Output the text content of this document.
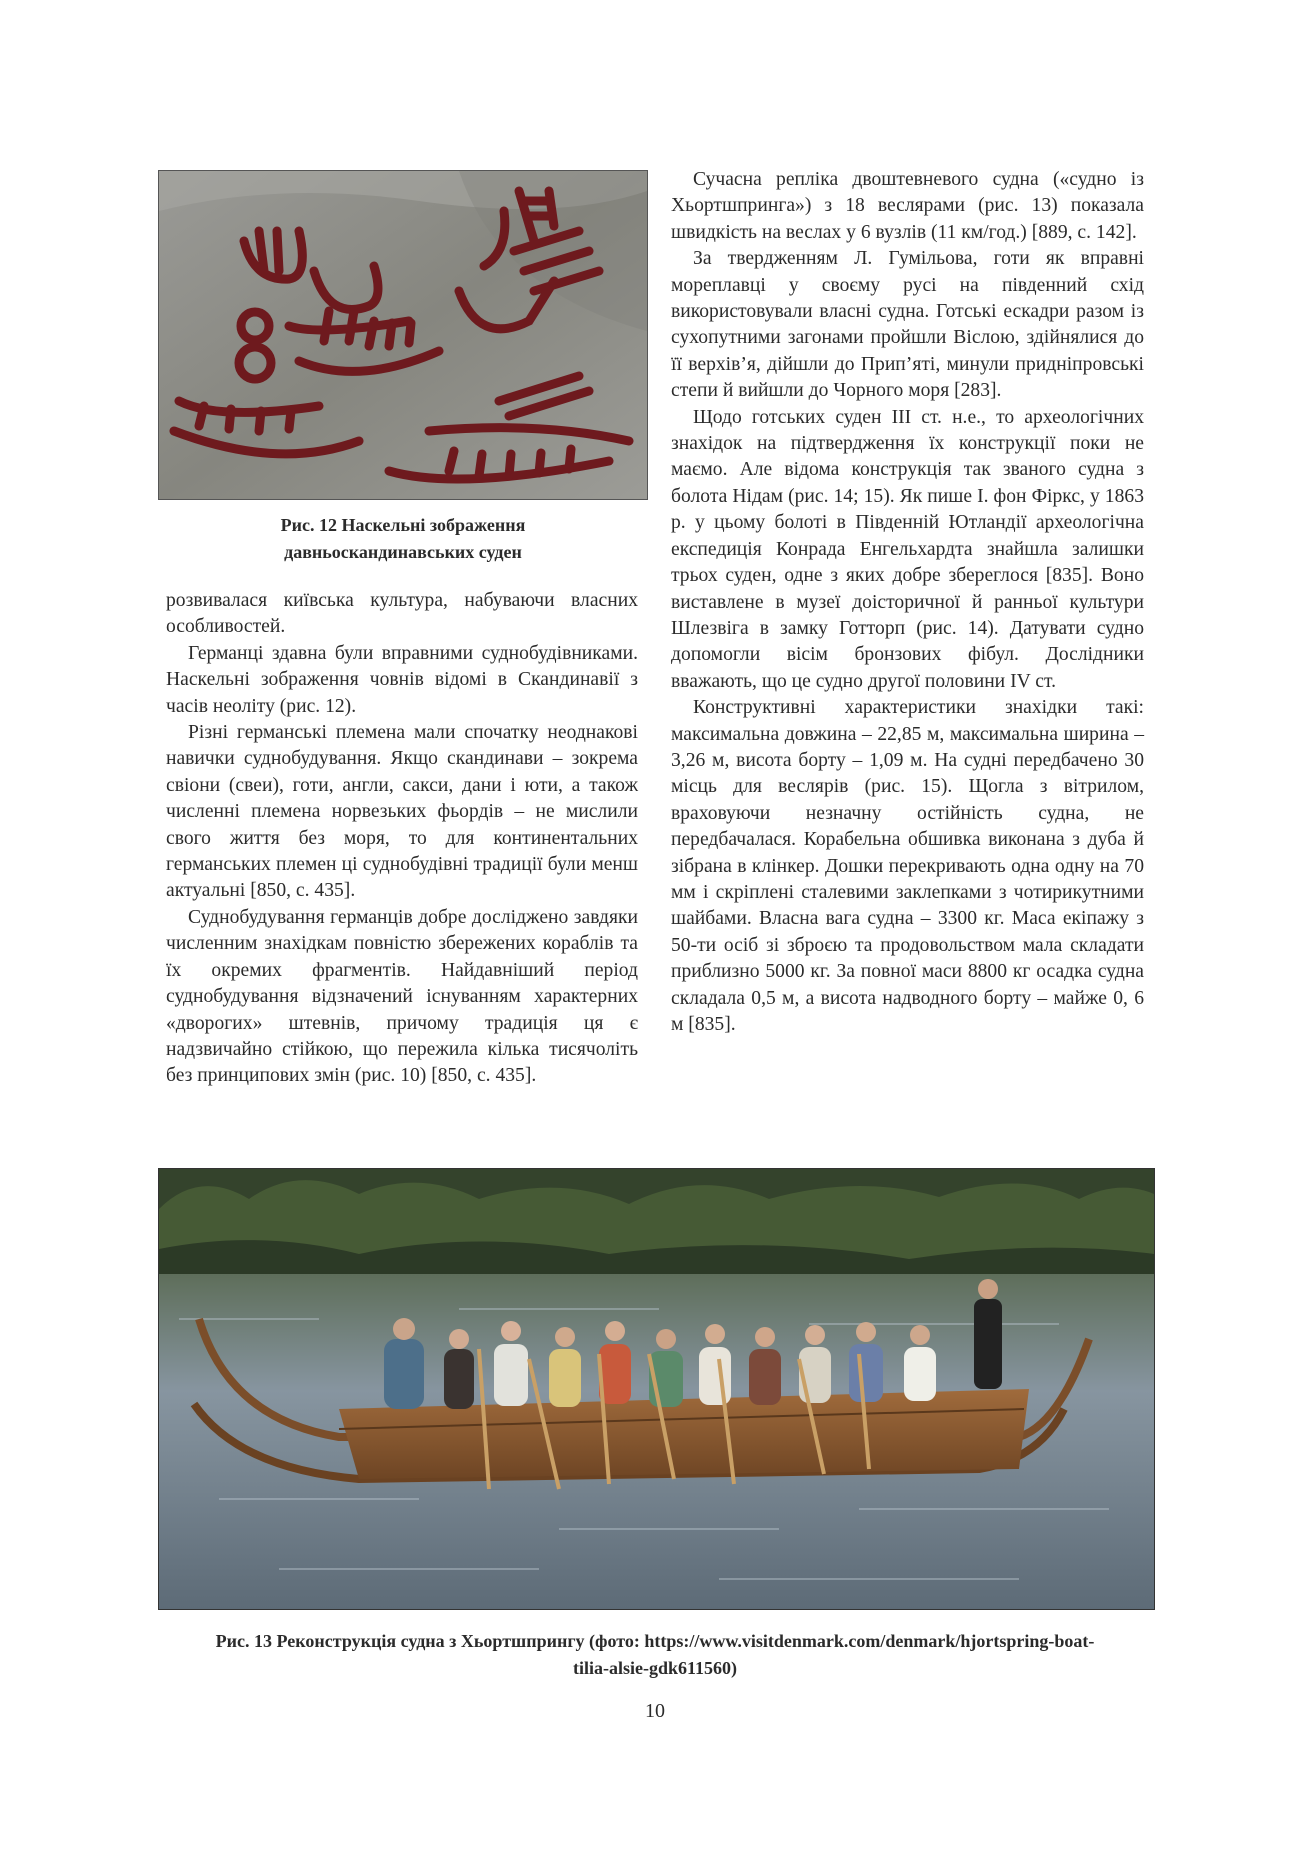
Рис. 12 Наскельні зображення
давньоскандинавських суден

розвивалася київська культура, набуваючи власних особливостей.

Германці здавна були вправними суднобудівниками. Наскельні зображення човнів відомі в Скандинавії з часів неоліту (рис. 12).

Різні германські племена мали спочатку неоднакові навички суднобудування. Якщо скандинави – зокрема свіони (свеи), готи, англи, сакси, дани і юти, а також численні племена норвезьких фьордів – не мислили свого життя без моря, то для континентальних германських племен ці суднобудівні традиції були менш актуальні [850, с. 435].

Суднобудування германців добре досліджено завдяки численним знахідкам повністю збережених кораблів та їх окремих фрагментів. Найдавніший період суднобудування відзначений існуванням характерних «дворогих» штевнів, причому традиція ця є надзвичайно стійкою, що пережила кілька тисячоліть без принципових змін (рис. 10) [850, с. 435].

Сучасна репліка двоштевневого судна («судно із Хьортшпринга») з 18 веслярами (рис. 13) показала швидкість на веслах у 6 вузлів (11 км/год.) [889, с. 142].

За твердженням Л. Гумільова, готи як вправні мореплавці у своєму русі на південний схід використовували власні судна. Готські ескадри разом із сухопутними загонами пройшли Віслою, здійнялися до її верхів’я, дійшли до Прип’яті, минули придніпровські степи й вийшли до Чорного моря [283].

Щодо готських суден III ст. н.е., то археологічних знахідок на підтвердження їх конструкції поки не маємо. Але відома конструкція так званого судна з болота Нідам (рис. 14; 15). Як пише І. фон Фіркс, у 1863 р. у цьому болоті в Південній Ютландії археологічна експедиція Конрада Енгельхардта знайшла залишки трьох суден, одне з яких добре збереглося [835]. Воно виставлене в музеї доісторичної й ранньої культури Шлезвіга в замку Готторп (рис. 14). Датувати судно допомогли вісім бронзових фібул. Дослідники вважають, що це судно другої половини IV ст.

Конструктивні характеристики знахідки такі: максимальна довжина – 22,85 м, максимальна ширина – 3,26 м, висота борту – 1,09 м. На судні передбачено 30 місць для веслярів (рис. 15). Щогла з вітрилом, враховуючи незначну остійність судна, не передбачалася. Корабельна обшивка виконана з дуба й зібрана в клінкер. Дошки перекривають одна одну на 70 мм і скріплені сталевими заклепками з чотирикутними шайбами. Власна вага судна – 3300 кг. Маса екіпажу з 50-ти осіб зі зброєю та продовольством мала складати приблизно 5000 кг. За повної маси 8800 кг осадка судна складала 0,5 м, а висота надводного борту – майже 0, 6 м [835].

Рис. 13 Реконструкція судна з Хьортшпрингу (фото: https://www.visitdenmark.com/denmark/hjortspring-boat-
tilia-alsie-gdk611560)
10
